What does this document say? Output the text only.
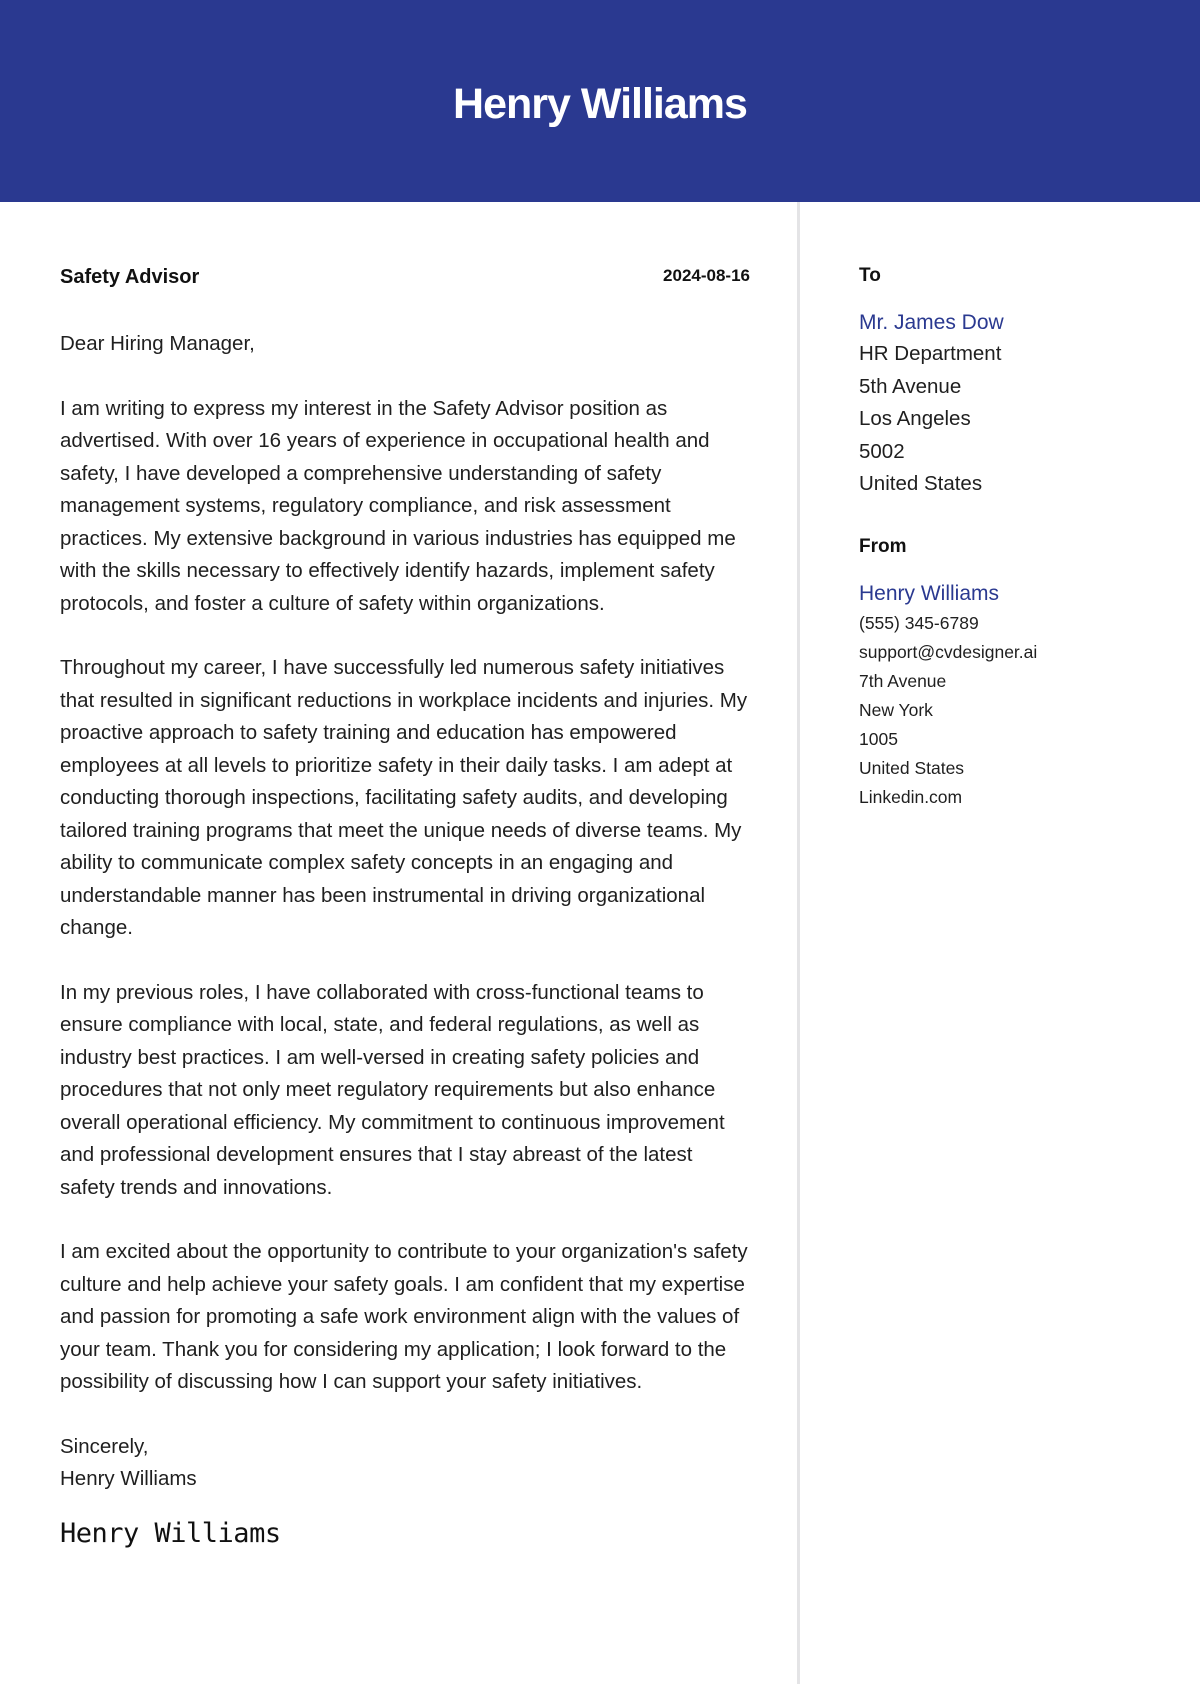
Henry Williams
Safety Advisor	2024-08-16
Dear Hiring Manager,
I am writing to express my interest in the Safety Advisor position as advertised. With over 16 years of experience in occupational health and safety, I have developed a comprehensive understanding of safety management systems, regulatory compliance, and risk assessment practices. My extensive background in various industries has equipped me with the skills necessary to effectively identify hazards, implement safety protocols, and foster a culture of safety within organizations.
Throughout my career, I have successfully led numerous safety initiatives that resulted in significant reductions in workplace incidents and injuries. My proactive approach to safety training and education has empowered employees at all levels to prioritize safety in their daily tasks. I am adept at conducting thorough inspections, facilitating safety audits, and developing tailored training programs that meet the unique needs of diverse teams. My ability to communicate complex safety concepts in an engaging and understandable manner has been instrumental in driving organizational change.
In my previous roles, I have collaborated with cross-functional teams to ensure compliance with local, state, and federal regulations, as well as industry best practices. I am well-versed in creating safety policies and procedures that not only meet regulatory requirements but also enhance overall operational efficiency. My commitment to continuous improvement and professional development ensures that I stay abreast of the latest safety trends and innovations.
I am excited about the opportunity to contribute to your organization's safety culture and help achieve your safety goals. I am confident that my expertise and passion for promoting a safe work environment align with the values of your team. Thank you for considering my application; I look forward to the possibility of discussing how I can support your safety initiatives.
Sincerely,
Henry Williams
Henry Williams
To
Mr. James Dow
HR Department
5th Avenue
Los Angeles
5002
United States
From
Henry Williams
(555) 345-6789
support@cvdesigner.ai
7th Avenue
New York
1005
United States
Linkedin.com
